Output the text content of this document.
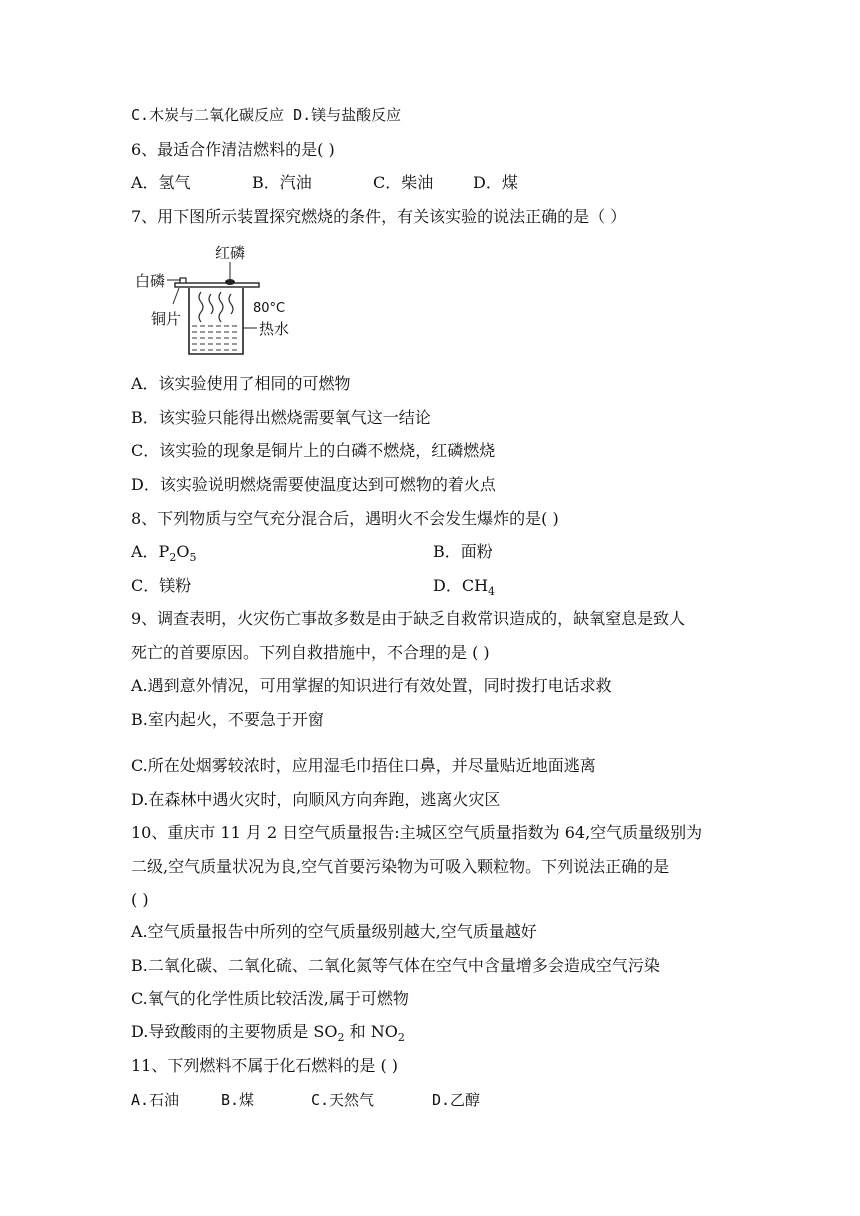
C.木炭与二氧化碳反应 D.镁与盐酸反应
6、最适合作清洁燃料的是( )
A．氢气	B．汽油	C．柴油 D．煤
7、用下图所示装置探究燃烧的条件，有关该实验的说法正确的是（ ）
红磷
白磷
铜片
80°C
热水
A．该实验使用了相同的可燃物
B．该实验只能得出燃烧需要氧气这一结论
C．该实验的现象是铜片上的白磷不燃烧，红磷燃烧
D．该实验说明燃烧需要使温度达到可燃物的着火点
8、下列物质与空气充分混合后，遇明火不会发生爆炸的是( )
A．$P_2O_5$	B．面粉
C．镁粉	D．$CH_4$
9、调查表明，火灾伤亡事故多数是由于缺乏自救常识造成的，缺氧窒息是致人
死亡的首要原因。下列自救措施中，不合理的是 ( )
A.遇到意外情况，可用掌握的知识进行有效处置，同时拨打电话求救
B.室内起火，不要急于开窗
C.所在处烟雾较浓时，应用湿毛巾捂住口鼻，并尽量贴近地面逃离
D.在森林中遇火灾时，向顺风方向奔跑，逃离火灾区
10、重庆市 11 月 2 日空气质量报告:主城区空气质量指数为 64,空气质量级别为
二级,空气质量状况为良,空气首要污染物为可吸入颗粒物。下列说法正确的是
( )
A.空气质量报告中所列的空气质量级别越大,空气质量越好
B.二氧化碳、二氧化硫、二氧化氮等气体在空气中含量增多会造成空气污染
C.氧气的化学性质比较活泼,属于可燃物
D.导致酸雨的主要物质是 $SO_2$ 和 $NO_2$
11、下列燃料不属于化石燃料的是 ( )
A.石油	B.煤	C.天然气	D.乙醇
